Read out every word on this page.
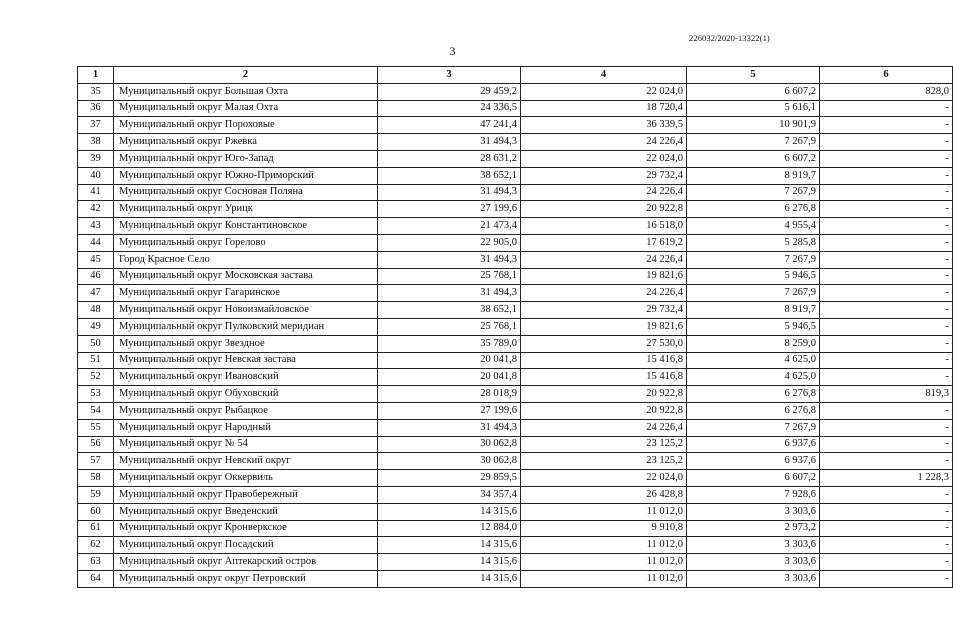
226032/2020-13322(1)
3
1	2	3	4	5	6
35	Муниципальный округ Большая Охта	29 459,2	22 024,0	6 607,2	828,0
36	Муниципальный округ Малая Охта	24 336,5	18 720,4	5 616,1	-
37	Муниципальный округ Пороховые	47 241,4	36 339,5	10 901,9	-
38	Муниципальный округ Ржевка	31 494,3	24 226,4	7 267,9	-
39	Муниципальный округ Юго-Запад	28 631,2	22 024,0	6 607,2	-
40	Муниципальный округ Южно-Приморский	38 652,1	29 732,4	8 919,7	-
41	Муниципальный округ Сосновая Поляна	31 494,3	24 226,4	7 267,9	-
42	Муниципальный округ Урицк	27 199,6	20 922,8	6 276,8	-
43	Муниципальный округ Константиновское	21 473,4	16 518,0	4 955,4	-
44	Муниципальный округ Горелово	22 905,0	17 619,2	5 285,8	-
45	Город Красное Село	31 494,3	24 226,4	7 267,9	-
46	Муниципальный округ Московская застава	25 768,1	19 821,6	5 946,5	-
47	Муниципальный округ Гагаринское	31 494,3	24 226,4	7 267,9	-
48	Муниципальный округ Новоизмайловское	38 652,1	29 732,4	8 919,7	-
49	Муниципальный округ Пулковский меридиан	25 768,1	19 821,6	5 946,5	-
50	Муниципальный округ Звездное	35 789,0	27 530,0	8 259,0	-
51	Муниципальный округ Невская застава	20 041,8	15 416,8	4 625,0	-
52	Муниципальный округ Ивановский	20 041,8	15 416,8	4 625,0	-
53	Муниципальный округ Обуховский	28 018,9	20 922,8	6 276,8	819,3
54	Муниципальный округ Рыбацкое	27 199,6	20 922,8	6 276,8	-
55	Муниципальный округ Народный	31 494,3	24 226,4	7 267,9	-
56	Муниципальный округ № 54	30 062,8	23 125,2	6 937,6	-
57	Муниципальный округ Невский округ	30 062,8	23 125,2	6 937,6	-
58	Муниципальный округ Оккервиль	29 859,5	22 024,0	6 607,2	1 228,3
59	Муниципальный округ Правобережный	34 357,4	26 428,8	7 928,6	-
60	Муниципальный округ Введенский	14 315,6	11 012,0	3 303,6	-
61	Муниципальный округ Кронверкское	12 884,0	9 910,8	2 973,2	-
62	Муниципальный округ Посадский	14 315,6	11 012,0	3 303,6	-
63	Муниципальный округ Аптекарский остров	14 315,6	11 012,0	3 303,6	-
64	Муниципальный округ округ Петровский	14 315,6	11 012,0	3 303,6	-
